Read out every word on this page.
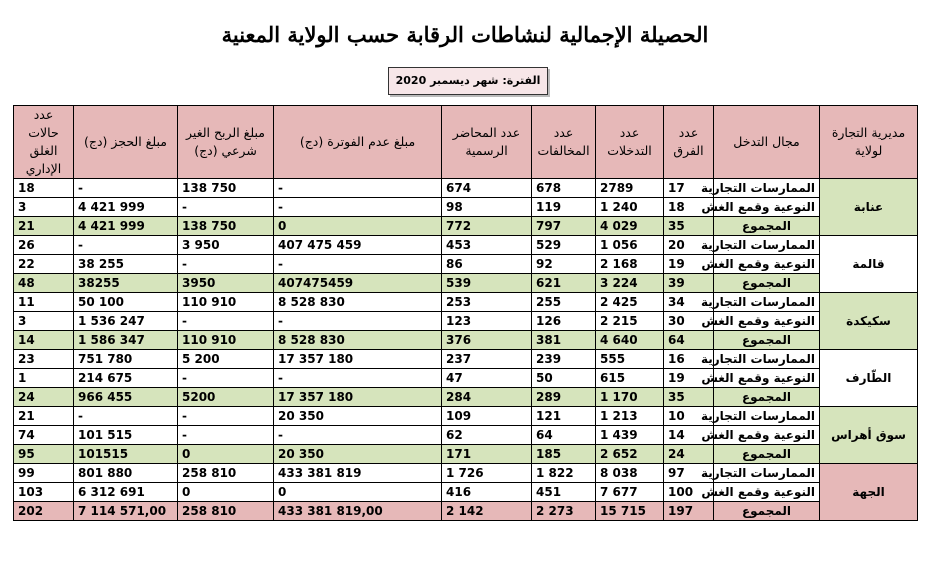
الحصيلة الإجمالية لنشاطات الرقابة حسب الولاية المعنية
الفترة: شهر ديسمبر 2020
مديرية التجارة لولاية	مجال التدخل	عدد الفرق	عدد التدخلات	عدد المخالفات	عدد المحاضر الرسمية	مبلغ عدم الفوترة (دج)	مبلغ الربح الغير شرعي (دج)	مبلغ الحجز (دج)	عدد حالات الغلق الإداري
عنابة	الممارسات التجارية	17	2789	678	674	-	138 750	-	18
	النوعية وقمع الغش	18	1 240	119	98	-	-	4 421 999	3
	المجموع	35	4 029	797	772	0	138 750	4 421 999	21
قالمة	الممارسات التجارية	20	1 056	529	453	407 475 459	3 950	-	26
	النوعية وقمع الغش	19	2 168	92	86	-	-	38 255	22
	المجموع	39	3 224	621	539	407475459	3950	38255	48
سكيكدة	الممارسات التجارية	34	2 425	255	253	8 528 830	110 910	50 100	11
	النوعية وقمع الغش	30	2 215	126	123	-	-	1 536 247	3
	المجموع	64	4 640	381	376	8 528 830	110 910	1 586 347	14
الطّارف	الممارسات التجارية	16	555	239	237	17 357 180	5 200	751 780	23
	النوعية وقمع الغش	19	615	50	47	-	-	214 675	1
	المجموع	35	1 170	289	284	17 357 180	5200	966 455	24
سوق أهراس	الممارسات التجارية	10	1 213	121	109	20 350	-	-	21
	النوعية وقمع الغش	14	1 439	64	62	-	-	101 515	74
	المجموع	24	2 652	185	171	20 350	0	101515	95
الجهة	الممارسات التجارية	97	8 038	1 822	1 726	433 381 819	258 810	801 880	99
	النوعية وقمع الغش	100	7 677	451	416	0	0	6 312 691	103
	المجموع	197	15 715	2 273	2 142	433 381 819,00	258 810	7 114 571,00	202
